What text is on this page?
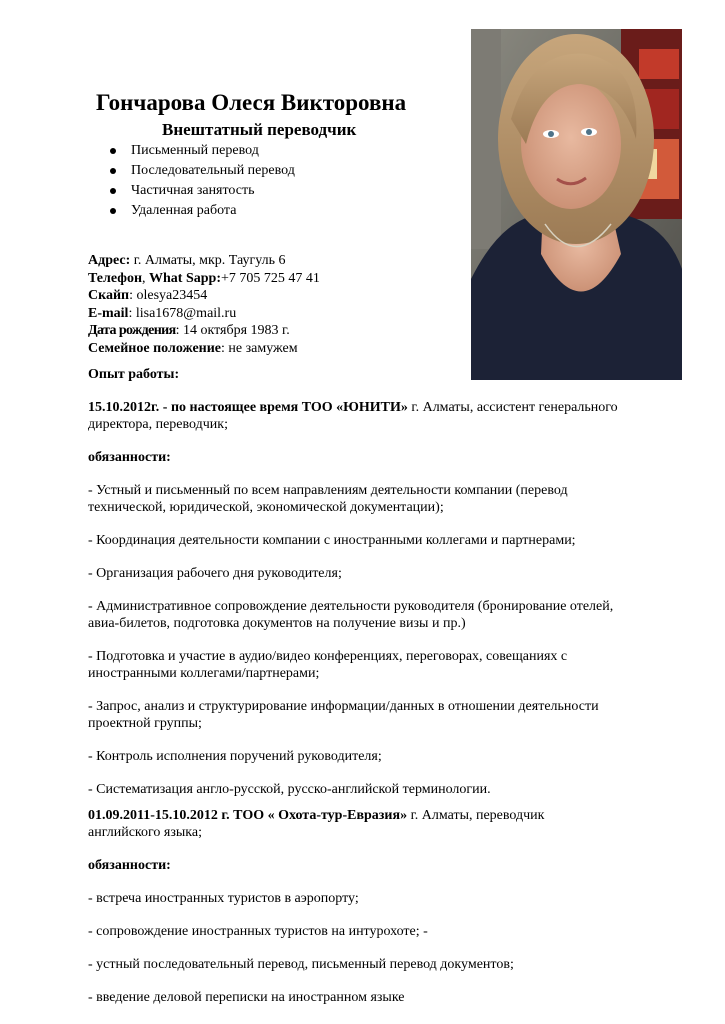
Гончарова Олеся Викторовна
Внештатный переводчик
Письменный перевод
Последовательный перевод
Частичная занятость
Удаленная работа
Адрес: г. Алматы, мкр. Таугуль 6
Телефон, What Sapp:+7 705 725 47 41
Скайп: olesya23454
E-mail: lisa1678@mail.ru
Дата рождения: 14 октября 1983 г.
Семейное положение: не замужем

Опыт работы:

15.10.2012г. - по настоящее время ТОО «ЮНИТИ» г. Алматы, ассистент генерального директора, переводчик;

обязанности:

- Устный и письменный по всем направлениям деятельности компании (перевод технической, юридической, экономической документации);

- Координация деятельности компании с иностранными коллегами и партнерами;

- Организация рабочего дня руководителя;

- Административное сопровождение деятельности руководителя (бронирование отелей, авиа-билетов, подготовка документов на получение визы и пр.)

- Подготовка и участие в аудио/видео конференциях, переговорах, совещаниях с иностранными коллегами/партнерами;

- Запрос, анализ и структурирование информации/данных в отношении деятельности проектной группы;

- Контроль исполнения поручений руководителя;

- Систематизация англо-русской, русско-английской терминологии.

01.09.2011-15.10.2012 г. ТОО « Охота-тур-Евразия» г. Алматы, переводчик английского языка;

обязанности:

- встреча иностранных туристов в аэропорту;

- сопровождение иностранных туристов на интурохоте; -

- устный последовательный перевод, письменный перевод документов;

- введение деловой переписки на иностранном языке
